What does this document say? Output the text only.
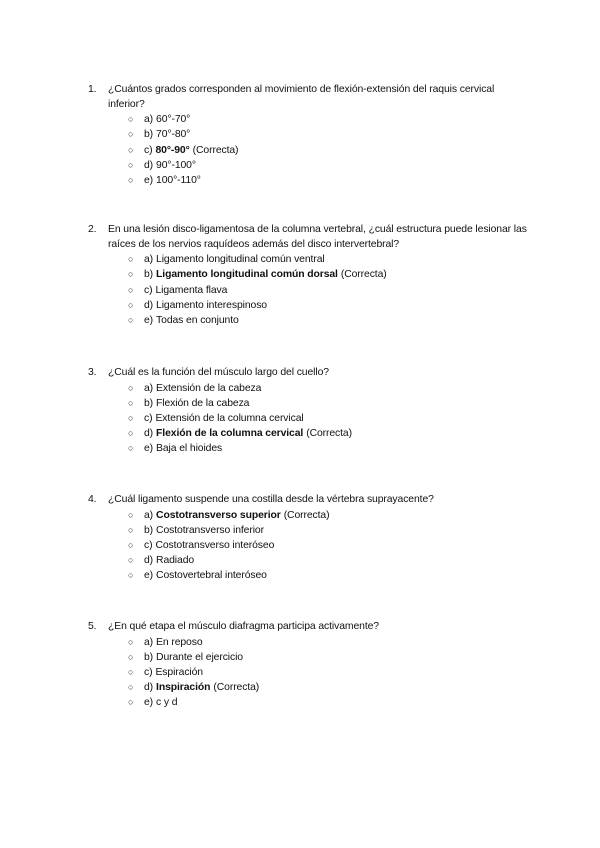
1.	¿Cuántos grados corresponden al movimiento de flexión-extensión del raquis cervical inferior?
○	a) 60°-70°
○	b) 70°-80°
○	c) 80°-90° (Correcta)
○	d) 90°-100°
○	e) 100°-110°
2.	En una lesión disco-ligamentosa de la columna vertebral, ¿cuál estructura puede lesionar las raíces de los nervios raquídeos además del disco intervertebral?
○	a) Ligamento longitudinal común ventral
○	b) Ligamento longitudinal común dorsal (Correcta)
○	c) Ligamenta flava
○	d) Ligamento interespinoso
○	e) Todas en conjunto
3.	¿Cuál es la función del músculo largo del cuello?
○	a) Extensión de la cabeza
○	b) Flexión de la cabeza
○	c) Extensión de la columna cervical
○	d) Flexión de la columna cervical (Correcta)
○	e) Baja el hioides
4.	¿Cuál ligamento suspende una costilla desde la vértebra suprayacente?
○	a) Costotransverso superior (Correcta)
○	b) Costotransverso inferior
○	c) Costotransverso interóseo
○	d) Radiado
○	e) Costovertebral interóseo
5.	¿En qué etapa el músculo diafragma participa activamente?
○	a) En reposo
○	b) Durante el ejercicio
○	c) Espiración
○	d) Inspiración (Correcta)
○	e) c y d
